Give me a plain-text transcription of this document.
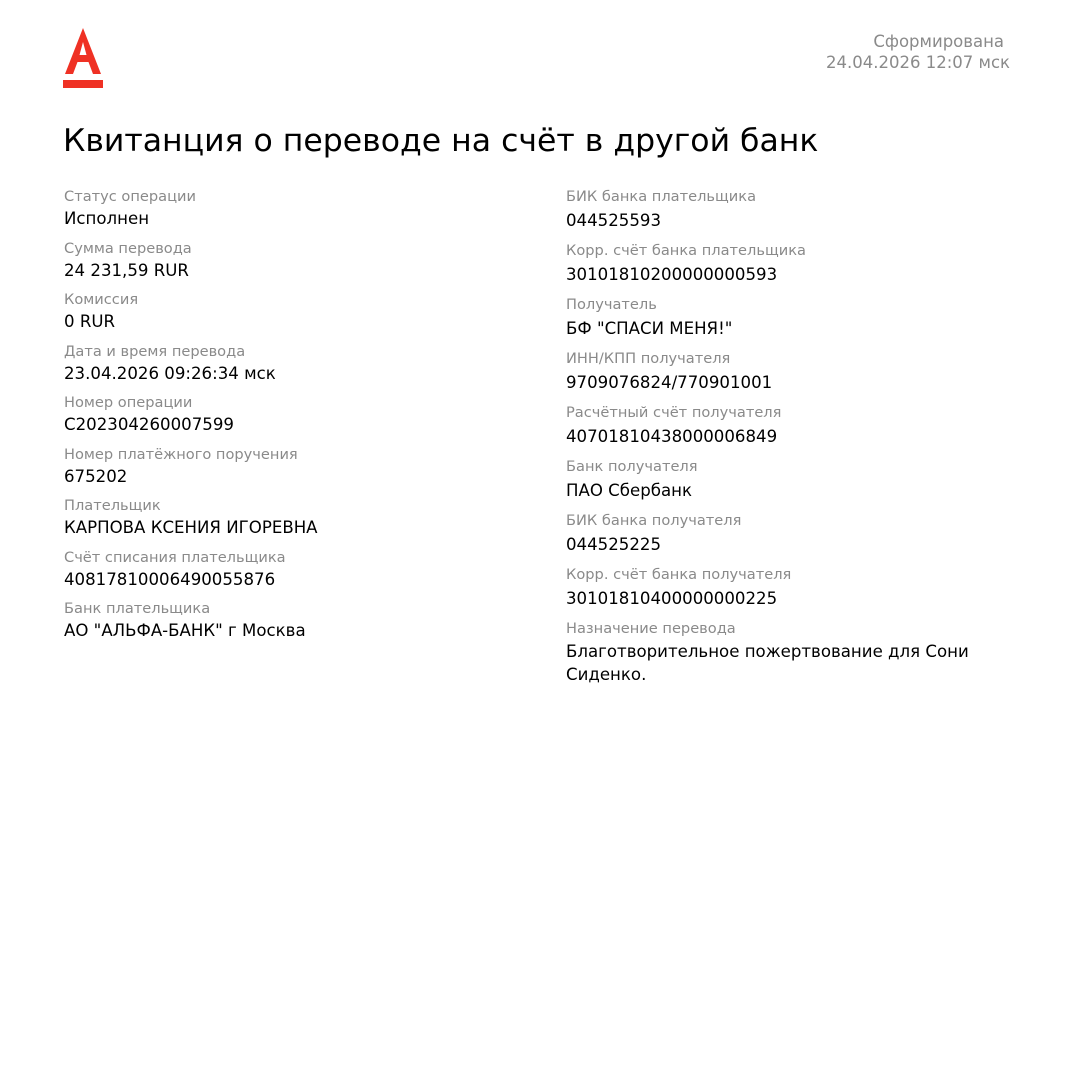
Сформирована
24.04.2026 12:07 мск
Квитанция о переводе на счёт в другой банк
Статус операции
Исполнен
Сумма перевода
24 231,59 RUR
Комиссия
0 RUR
Дата и время перевода
23.04.2026 09:26:34 мск
Номер операции
C202304260007599
Номер платёжного поручения
675202
Плательщик
КАРПОВА КСЕНИЯ ИГОРЕВНА
Счёт списания плательщика
40817810006490055876
Банк плательщика
АО "АЛЬФА-БАНК" г Москва
БИК банка плательщика
044525593
Корр. счёт банка плательщика
30101810200000000593
Получатель
БФ "СПАСИ МЕНЯ!"
ИНН/КПП получателя
9709076824/770901001
Расчётный счёт получателя
40701810438000006849
Банк получателя
ПАО Сбербанк
БИК банка получателя
044525225
Корр. счёт банка получателя
30101810400000000225
Назначение перевода
Благотворительное пожертвование для Сони Сиденко.
